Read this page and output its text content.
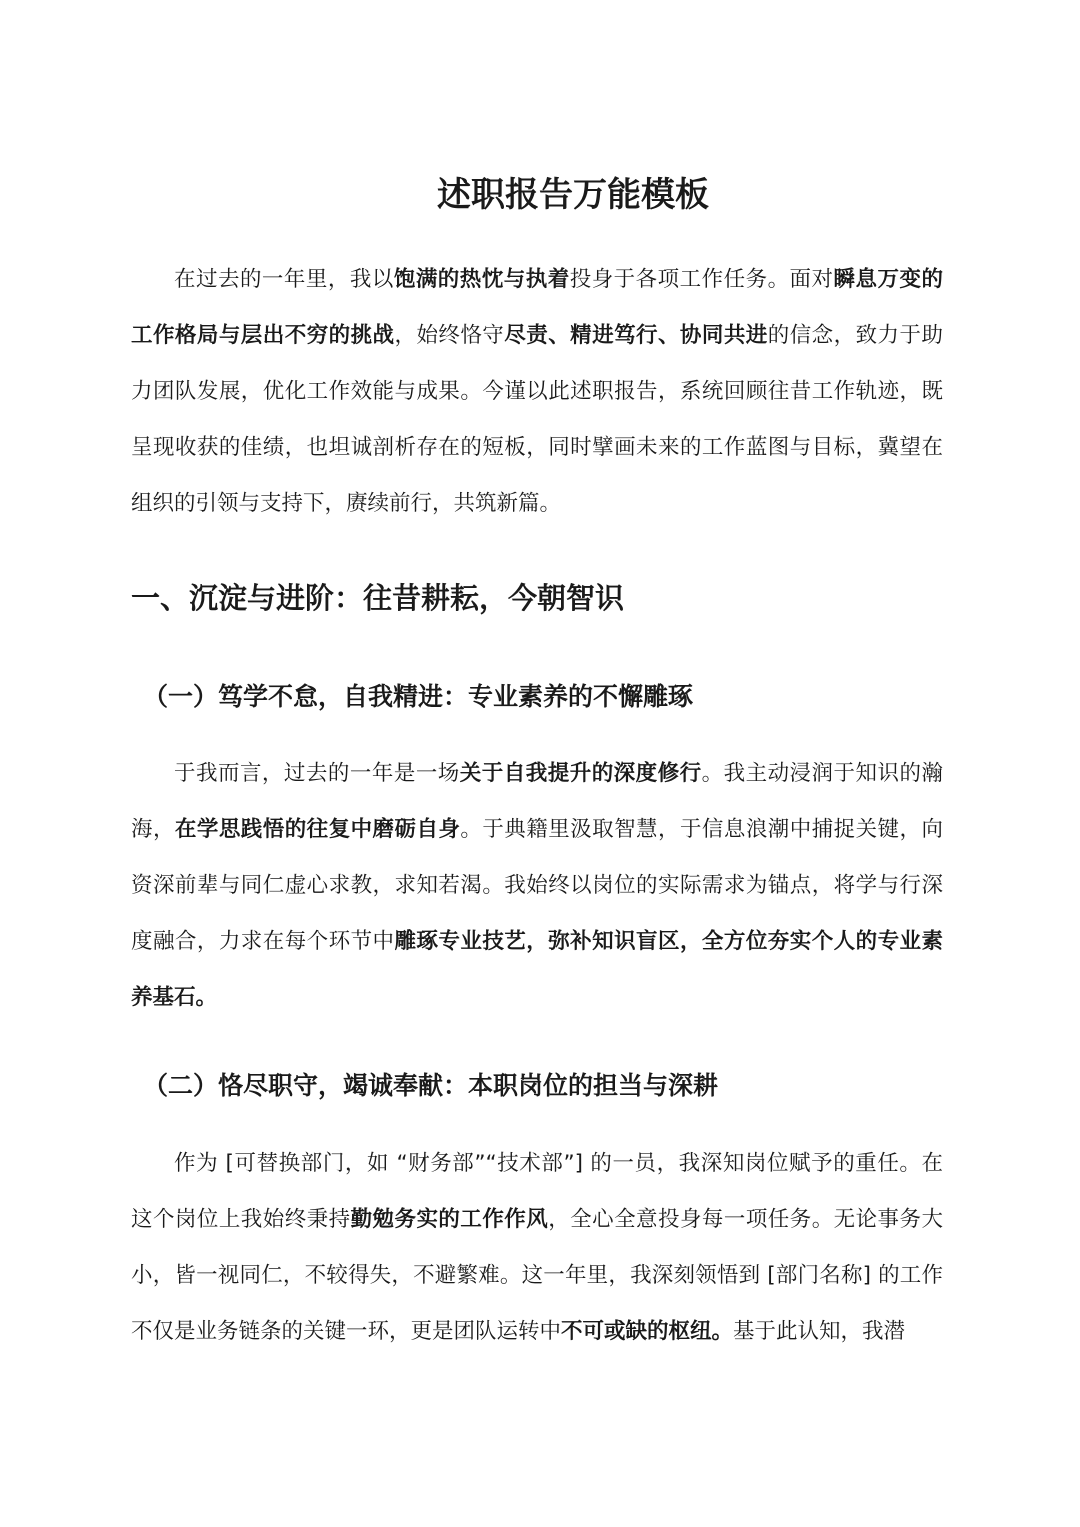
述职报告万能模板

在过去的一年里，我以饱满的热忱与执着投身于各项工作任务。面对瞬息万变的工作格局与层出不穷的挑战，始终恪守尽责、精进笃行、协同共进的信念，致力于助力团队发展，优化工作效能与成果。今谨以此述职报告，系统回顾往昔工作轨迹，既呈现收获的佳绩，也坦诚剖析存在的短板，同时擘画未来的工作蓝图与目标，冀望在组织的引领与支持下，赓续前行，共筑新篇。

一、沉淀与进阶：往昔耕耘，今朝智识
（一）笃学不怠，自我精进：专业素养的不懈雕琢

于我而言，过去的一年是一场关于自我提升的深度修行。我主动浸润于知识的瀚海，在学思践悟的往复中磨砺自身。于典籍里汲取智慧，于信息浪潮中捕捉关键，向资深前辈与同仁虚心求教，求知若渴。我始终以岗位的实际需求为锚点，将学与行深度融合，力求在每个环节中雕琢专业技艺，弥补知识盲区，全方位夯实个人的专业素养基石。

（二）恪尽职守，竭诚奉献：本职岗位的担当与深耕

作为 [可替换部门，如 “财务部”“技术部”] 的一员，我深知岗位赋予的重任。在这个岗位上我始终秉持勤勉务实的工作作风，全心全意投身每一项任务。无论事务大小，皆一视同仁，不较得失，不避繁难。这一年里，我深刻领悟到 [部门名称] 的工作不仅是业务链条的关键一环，更是团队运转中不可或缺的枢纽。基于此认知，我潜
